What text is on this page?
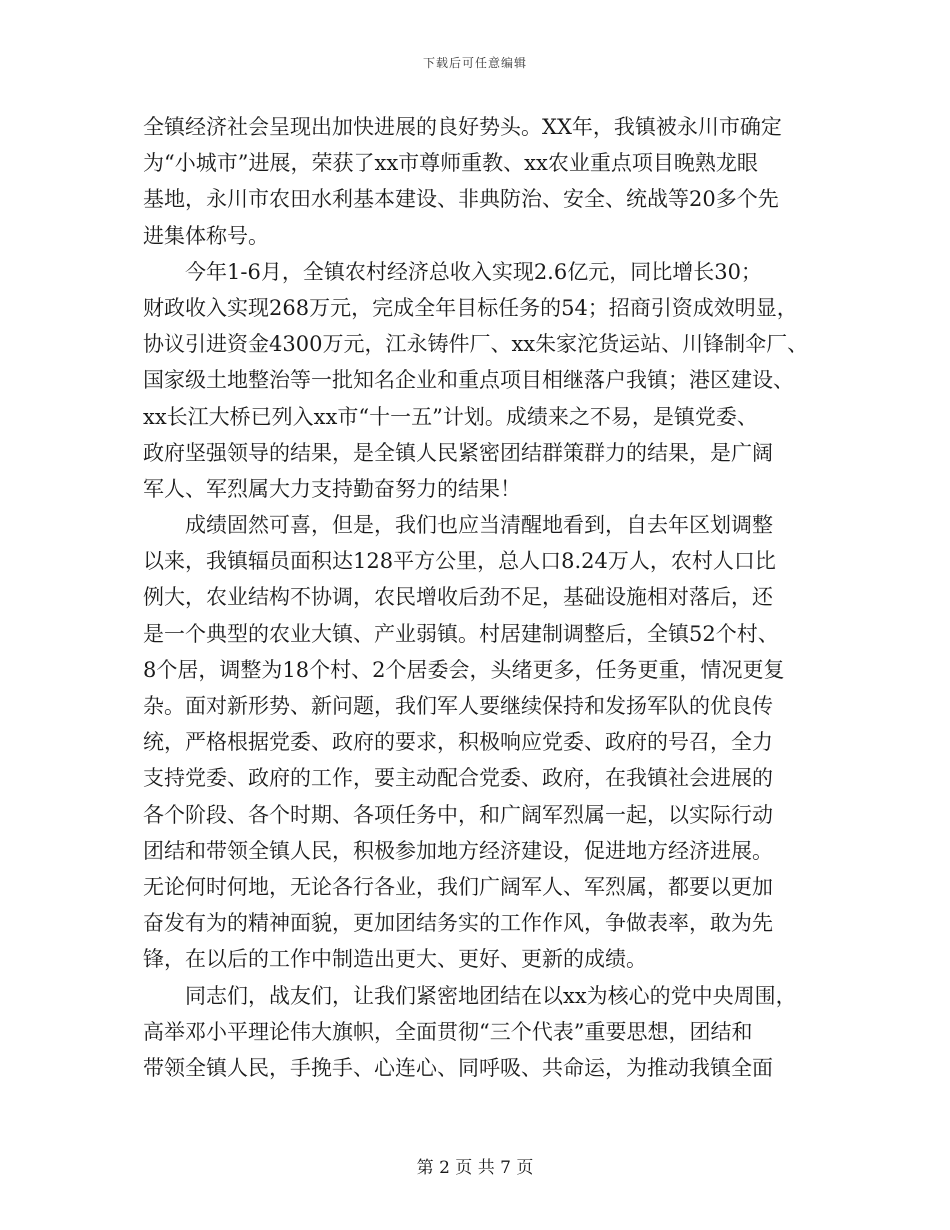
下载后可任意编辑
全镇经济社会呈现出加快进展的良好势头。XX年，我镇被永川市确定
为“小城市”进展，荣获了xx市尊师重教、xx农业重点项目晚熟龙眼
基地，永川市农田水利基本建设、非典防治、安全、统战等20多个先
进集体称号。
今年1-6月，全镇农村经济总收入实现2.6亿元，同比增长30；
财政收入实现268万元，完成全年目标任务的54；招商引资成效明显，
协议引进资金4300万元，江永铸件厂、xx朱家沱货运站、川锋制伞厂、
国家级土地整治等一批知名企业和重点项目相继落户我镇；港区建设、
xx长江大桥已列入xx市“十一五”计划。成绩来之不易，是镇党委、
政府坚强领导的结果，是全镇人民紧密团结群策群力的结果，是广阔
军人、军烈属大力支持勤奋努力的结果！
成绩固然可喜，但是，我们也应当清醒地看到，自去年区划调整
以来，我镇辐员面积达128平方公里，总人口8.24万人，农村人口比
例大，农业结构不协调，农民增收后劲不足，基础设施相对落后，还
是一个典型的农业大镇、产业弱镇。村居建制调整后，全镇52个村、
8个居，调整为18个村、2个居委会，头绪更多，任务更重，情况更复
杂。面对新形势、新问题，我们军人要继续保持和发扬军队的优良传
统，严格根据党委、政府的要求，积极响应党委、政府的号召，全力
支持党委、政府的工作，要主动配合党委、政府，在我镇社会进展的
各个阶段、各个时期、各项任务中，和广阔军烈属一起，以实际行动
团结和带领全镇人民，积极参加地方经济建设，促进地方经济进展。
无论何时何地，无论各行各业，我们广阔军人、军烈属，都要以更加
奋发有为的精神面貌，更加团结务实的工作作风，争做表率，敢为先
锋，在以后的工作中制造出更大、更好、更新的成绩。
同志们，战友们，让我们紧密地团结在以xx为核心的党中央周围，
高举邓小平理论伟大旗帜，全面贯彻“三个代表”重要思想，团结和
带领全镇人民，手挽手、心连心、同呼吸、共命运，为推动我镇全面
第 2 页 共 7 页
